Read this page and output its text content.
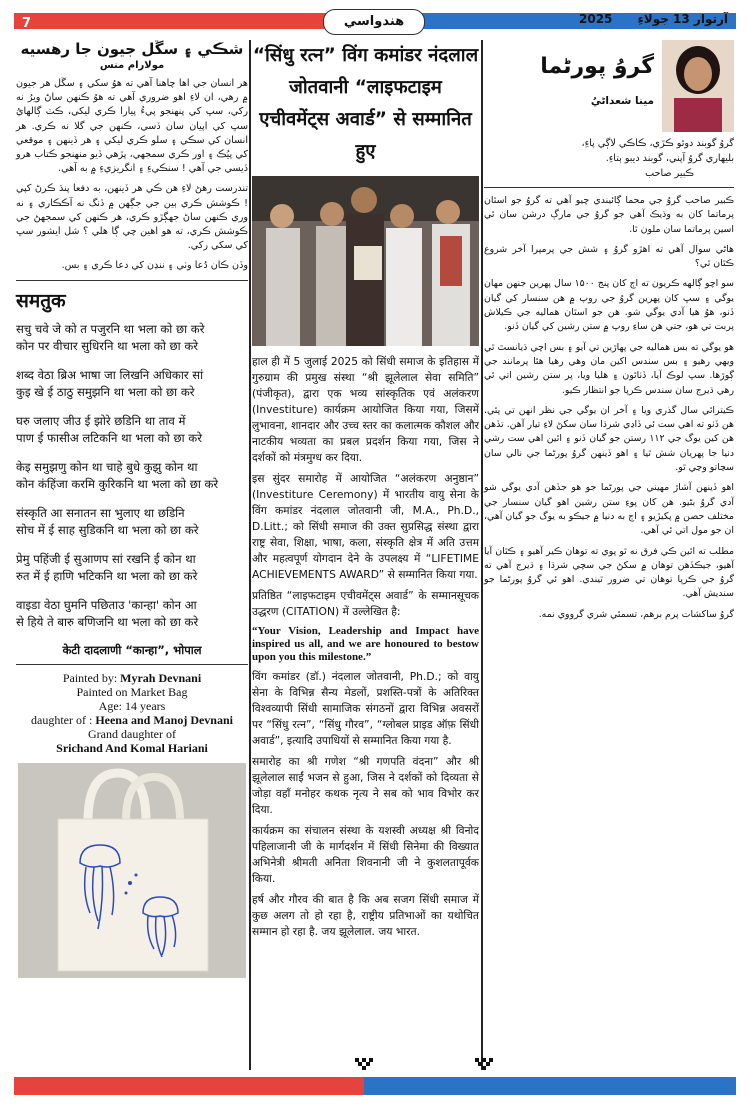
7	ھندواسي	2025 آرتوار 13 جولاءِ

شڪي ۽ سڱل جيون جا رهسيه

مولارام منس

هر انسان جي اها چاهنا آهي ته هوُ سکي ۽ سڱل هر جيون ۾ رهي، ان لاءِ اهو ضروري آهي ته هوُ ڪنهن ساڻ ويرُ نه رکي، سڀ کي پنهنجو پيءُ پيارا ڪري ليکي، ڪٽ ڳالهايُ سڀ کي اپيان سان ڏسي، ڪنهن جي گلا نه ڪري. هر انسان کي سڪي ۽ سلو ڪري ليکي ۽ هر ڏينهن ۽ موقعي کي پيُڪ ۽ اور ڪري سمجهي، پڙهي ڏيو منهنجو ڪتاب هرو ڏيسي جي آهي ! سنڪيءِ ۽ انگريزيءِ ۾ به آهي.

تندرست رهڻ لاءِ هن ڪي هر ڏينهن، به دفعا پنڌ ڪرڻ کپي ! ڪوشش ڪري ٻين جي جڳهن ۾ ڏنگ نه آڪڪاري ۽ نه وري ڪنهن ساڻ جهڳڙو ڪري، هر ڪنهن کي سمجهڻ جي ڪوشش ڪري، ته هو اهين چي ڳا هلي ؟ شل ايشور سڀ کي سکي رکي.

وڏن ڪان دُعا وٺي ۽ ننڍن کي دعا ڪري ۽ بس.

समतुक

सचु चवे जे को त पजुरनि था भला को छा करे

कोन पर वीचार सुधिरनि था भला को छा करे

शब्द वेठा ब्रिअ भाषा जा लिखनि अधिकार सां

कुइ खे ई ठाठु समुझनि था भला को छा करे

घरु जलाए जीउ ई झोरे छडिनि था ताव में

पाण ई फासीअ लटिकनि था भला को छा करे

केइ समुझणु कोन था चाहे बुधे कुझु कोन था

कोन कंहिंजा करमि कुरिकनि था भला को छा करे

संस्कृति आ सनातन सा भुलाए था छडिनि

सोच में ई साह सुडिकनि था भला को छा करे

प्रेमु पहिंजी ई सुआणप सां रखनि ई कोन था

रुत में ई हाणि भटिकनि था भला को छा करे

वाइडा वेठा घुमनि पछिताउ 'कान्हा' कोन आ

से हिये ते बारु बणिजनि था भला को छा करे

केटी दादलाणी “कान्हा”, भोपाल
Painted by: Myrah Devnani
Painted on Market Bag
Age: 14 years
daughter of : Heena and Manoj Devnani
Grand daughter of
Srichand And Komal Hariani
“सिंधु रत्न” विंग कमांडर नंदलाल जोतवानी “लाइफटाइम एचीवमेंट्स अवार्ड” से सम्मानित हुए

हाल ही में 5 जुलाई 2025 को सिंधी समाज के इतिहास में गुरुग्राम की प्रमुख संस्था “श्री झूलेलाल सेवा समिति” (पंजीकृत), द्वारा एक भव्य सांस्कृतिक एवं अलंकरण (Investiture) कार्यक्रम आयोजित किया गया, जिसमें लुभावना, शानदार और उच्च स्तर का कलात्मक कौशल और नाटकीय भव्यता का प्रबल प्रदर्शन किया गया, जिस ने दर्शकों को मंत्रमुग्ध कर दिया.

इस सुंदर समारोह में आयोजित “अलंकरण अनुष्ठान” (Investiture Ceremony) में भारतीय वायु सेना के विंग कमांडर नंदलाल जोतवानी जी, M.A., Ph.D., D.Litt.; को सिंधी समाज की उक्त सुप्रसिद्ध संस्था द्वारा राष्ट्र सेवा, शिक्षा, भाषा, कला, संस्कृति क्षेत्र में अति उत्तम और महत्वपूर्ण योगदान देने के उपलक्ष्य में “LIFETIME ACHIEVEMENTS AWARD” से सम्मानित किया गया.

प्रतिष्ठित “लाइफटाइम एचीवमेंट्स अवार्ड” के सम्मानसूचक उद्धरण (CITATION) में उल्लेखित है:

“Your Vision, Leadership and Impact have inspired us all, and we are honoured to bestow upon you this milestone.”

विंग कमांडर (डॉ.) नंदलाल जोतवानी, Ph.D.; को वायु सेना के विभिन्न सैन्य मेडलों, प्रशस्ति-पत्रों के अतिरिक्त विश्वव्यापी सिंधी सामाजिक संगठनों द्वारा विभिन्न अवसरों पर “सिंधु रत्न”, “सिंधु गौरव”, “ग्लोबल प्राइड ऑफ़ सिंधी अवार्ड”, इत्यादि उपाधियों से सम्मानित किया गया है.

समारोह का श्री गणेश “श्री गणपति वंदना” और श्री झूलेलाल साईं भजन से हुआ, जिस ने दर्शकों को दिव्यता से जोड़ा वहाँ मनोहर कथक नृत्य ने सब को भाव विभोर कर दिया.

कार्यक्रम का संचालन संस्था के यशस्वी अध्यक्ष श्री विनोद पहिलाजानी जी के मार्गदर्शन में सिंधी सिनेमा की विख्यात अभिनेत्री श्रीमती अनिता शिवनानी जी ने कुशलतापूर्वक किया.

हर्ष और गौरव की बात है कि अब सजग सिंधी समाज में कुछ अलग तो हो रहा है, राष्ट्रीय प्रतिभाओं का यथोचित सम्मान हो रहा है. जय झूलेलाल. जय भारत.

گروُ پورڻما
مينا شعداڻيُ
گروُ گوبند دوئو ڪڙي، ڪاڪي لاڳي پاءِ،
بليهاري گروُ آپني، گوبند ديبو ٻتاءِ.
ڪبير صاحب

ڪبير صاحب گروُ جي محما ڳائيندي چيو آهي ته گروُ جو اسٿان پرماتما کان به وڌيڪ آهي جو گروُ جي مارڳ درشن سان ئي اسين پرماتما سان ملون ٿا.

هاڻي سوال آهي ته اهڙو گروُ ۽ شش جي پرمپرا آخر شروع ڪٿان ٿي؟

سو اچو ڳالهه ڪريون ته اڄ کان پنج ۱۵۰۰ سال پهرين جنهن مهان يوگي ۽ سڀ کان پهرين گروُ جي روپ ۾ هن سنسار کي گيان ڏنو، هوُ هيا آدي يوگي شو. هن جو اسٿان هماليه جي ڪيلاش پربت تي هو، جتي هن ساءِ روپ ۾ ستن رشين کي گيان ڏنو.

هو يوگي ته بس هماليه جي پهاڙين تي آيو ۽ بس اچي ڌيانسٿ ٿي ويهي رهيو ۽ بس سندس اکين مان وهي رهيا هئا پرمانند جي ڳوڙها. سڀ لوڪ آيا، ڏٺائون ۽ هليا ويا، پر ستن رشين اتي ئي رهي ڌيرج سان سندس ڪرپا جو انتظار ڪيو.

ڪيترائي سال گذري ويا ۽ آخر ان يوگي جي نظر انهن تي پئي. هن ڏٺو ته اهي ست ئي ڏاڍي شرڌا سان سکڻ لاءِ تيار آهن. تڏهن هن کين يوگ جي ۱۱۲ رستن جو گيان ڏنو ۽ ائين اهي ست رشي دنيا جا پهريان شش ٿيا ۽ اهو ڏينهن گروُ پورڻما جي نالي سان سڃاتو وڃي ٿو.

اهو ڏينهن آشاڙ مهيني جي پورڻما جو هو جڏهن آدي يوگي شو آدي گروُ بڻيو. هن کان پوءِ ستن رشين اهو گيان سنسار جي مختلف حصن ۾ پکيڙيو ۽ اڄ به دنيا ۾ جيڪو به يوگ جو گيان آهي، ان جو مول اتي ئي آهي.

مطلب ته ائين ڪي فرق نه ٿو پوي ته توهان ڪير آهيو ۽ ڪٿان آيا آهيو، جيڪڏهن توهان ۾ سکڻ جي سچي شرڌا ۽ ڌيرج آهي ته گروُ جي ڪرپا توهان تي ضرور ٿيندي. اهو ئي گروُ پورڻما جو سنديش آهي.

گروُ ساکشات پرم برهم، تسمئي شري گرووي نمه.
